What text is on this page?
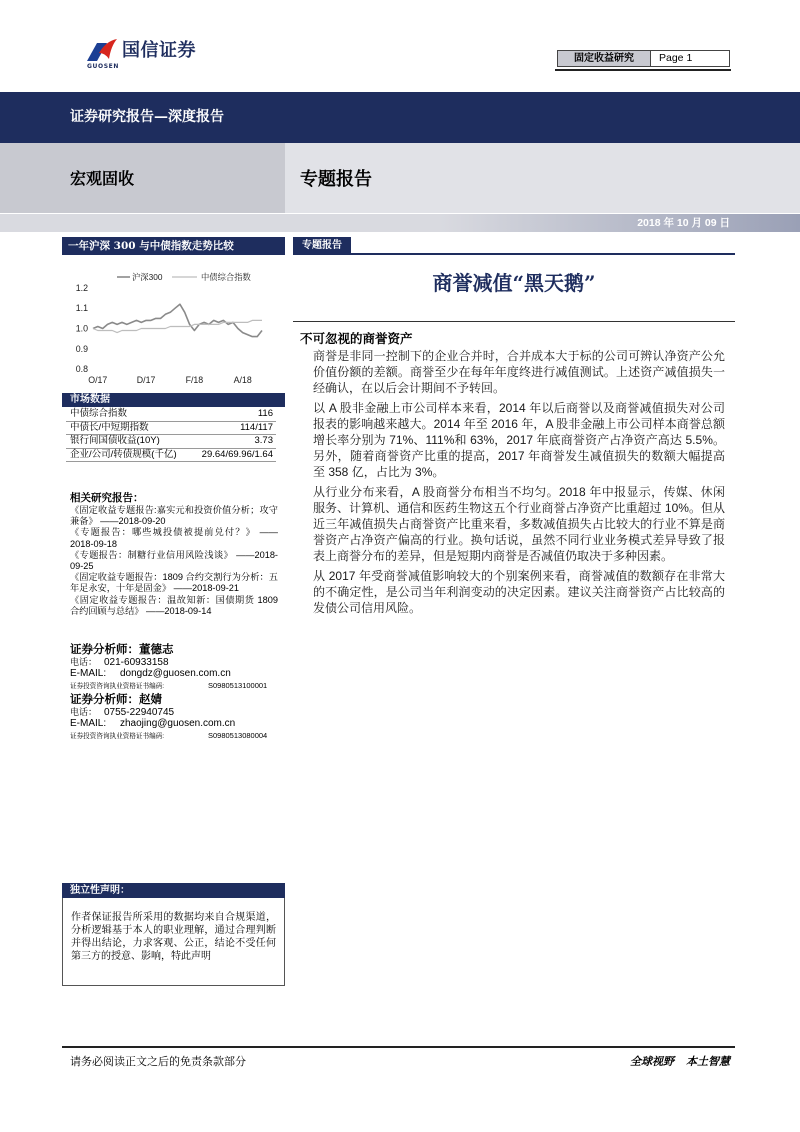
国信证券
GUOSEN
固定收益研究	Page 1
证券研究报告—深度报告
宏观固收	专题报告
2018 年 10 月 09 日
一年沪深 300 与中债指数走势比较
1.2
1.1
1.0
0.9
0.8
O/17	D/17	F/18	A/18
沪深300	中债综合指数
市场数据
中债综合指数	116
中债长/中短期指数	114/117
银行间国债收益(10Y)	3.73
企业/公司/转债规模(千亿)	29.64/69.96/1.64
相关研究报告：
《固定收益专题报告:嘉实元和投资价值分析；攻守兼备》 ——2018-09-20
《专题报告：哪些城投债被提前兑付？》 ——2018-09-18
《专题报告：制糖行业信用风险浅谈》 ——2018-09-25
《固定收益专题报告：1809 合约交割行为分析：五年足永安，十年是固金》 ——2018-09-21
《固定收益专题报告：温故知新：国债期货 1809 合约回顾与总结》 ——2018-09-14
证券分析师：董德志
电话： 021-60933158
E-MAIL: dongdz@guosen.com.cn
证券投资咨询执业资格证书编码:	S0980513100001
证券分析师：赵婧
电话： 0755-22940745
E-MAIL: zhaojing@guosen.com.cn
证券投资咨询执业资格证书编码:	S0980513080004
独立性声明：
作者保证报告所采用的数据均来自合规渠道，分析逻辑基于本人的职业理解，通过合理判断并得出结论，力求客观、公正，结论不受任何第三方的授意、影响，特此声明
专题报告
商誉减值“黑天鹅”
不可忽视的商誉资产

商誉是非同一控制下的企业合并时，合并成本大于标的公司可辨认净资产公允价值份额的差额。商誉至少在每年年度终进行减值测试。上述资产减值损失一经确认，在以后会计期间不予转回。

以 A 股非金融上市公司样本来看，2014 年以后商誉以及商誉减值损失对公司报表的影响越来越大。2014 年至 2016 年，A 股非金融上市公司样本商誉总额增长率分别为 71%、111%和 63%，2017 年底商誉资产占净资产高达 5.5%。另外，随着商誉资产比重的提高，2017 年商誉发生减值损失的数额大幅提高至 358 亿，占比为 3%。

从行业分布来看，A 股商誉分布相当不均匀。2018 年中报显示，传媒、休闲服务、计算机、通信和医药生物这五个行业商誉占净资产比重超过 10%。但从近三年减值损失占商誉资产比重来看，多数减值损失占比较大的行业不算是商誉资产占净资产偏高的行业。换句话说，虽然不同行业业务模式差异导致了报表上商誉分布的差异，但是短期内商誉是否减值仍取决于多种因素。

从 2017 年受商誉减值影响较大的个别案例来看，商誉减值的数额存在非常大的不确定性，是公司当年利润变动的决定因素。建议关注商誉资产占比较高的发债公司信用风险。

请务必阅读正文之后的免责条款部分	全球视野 本土智慧
